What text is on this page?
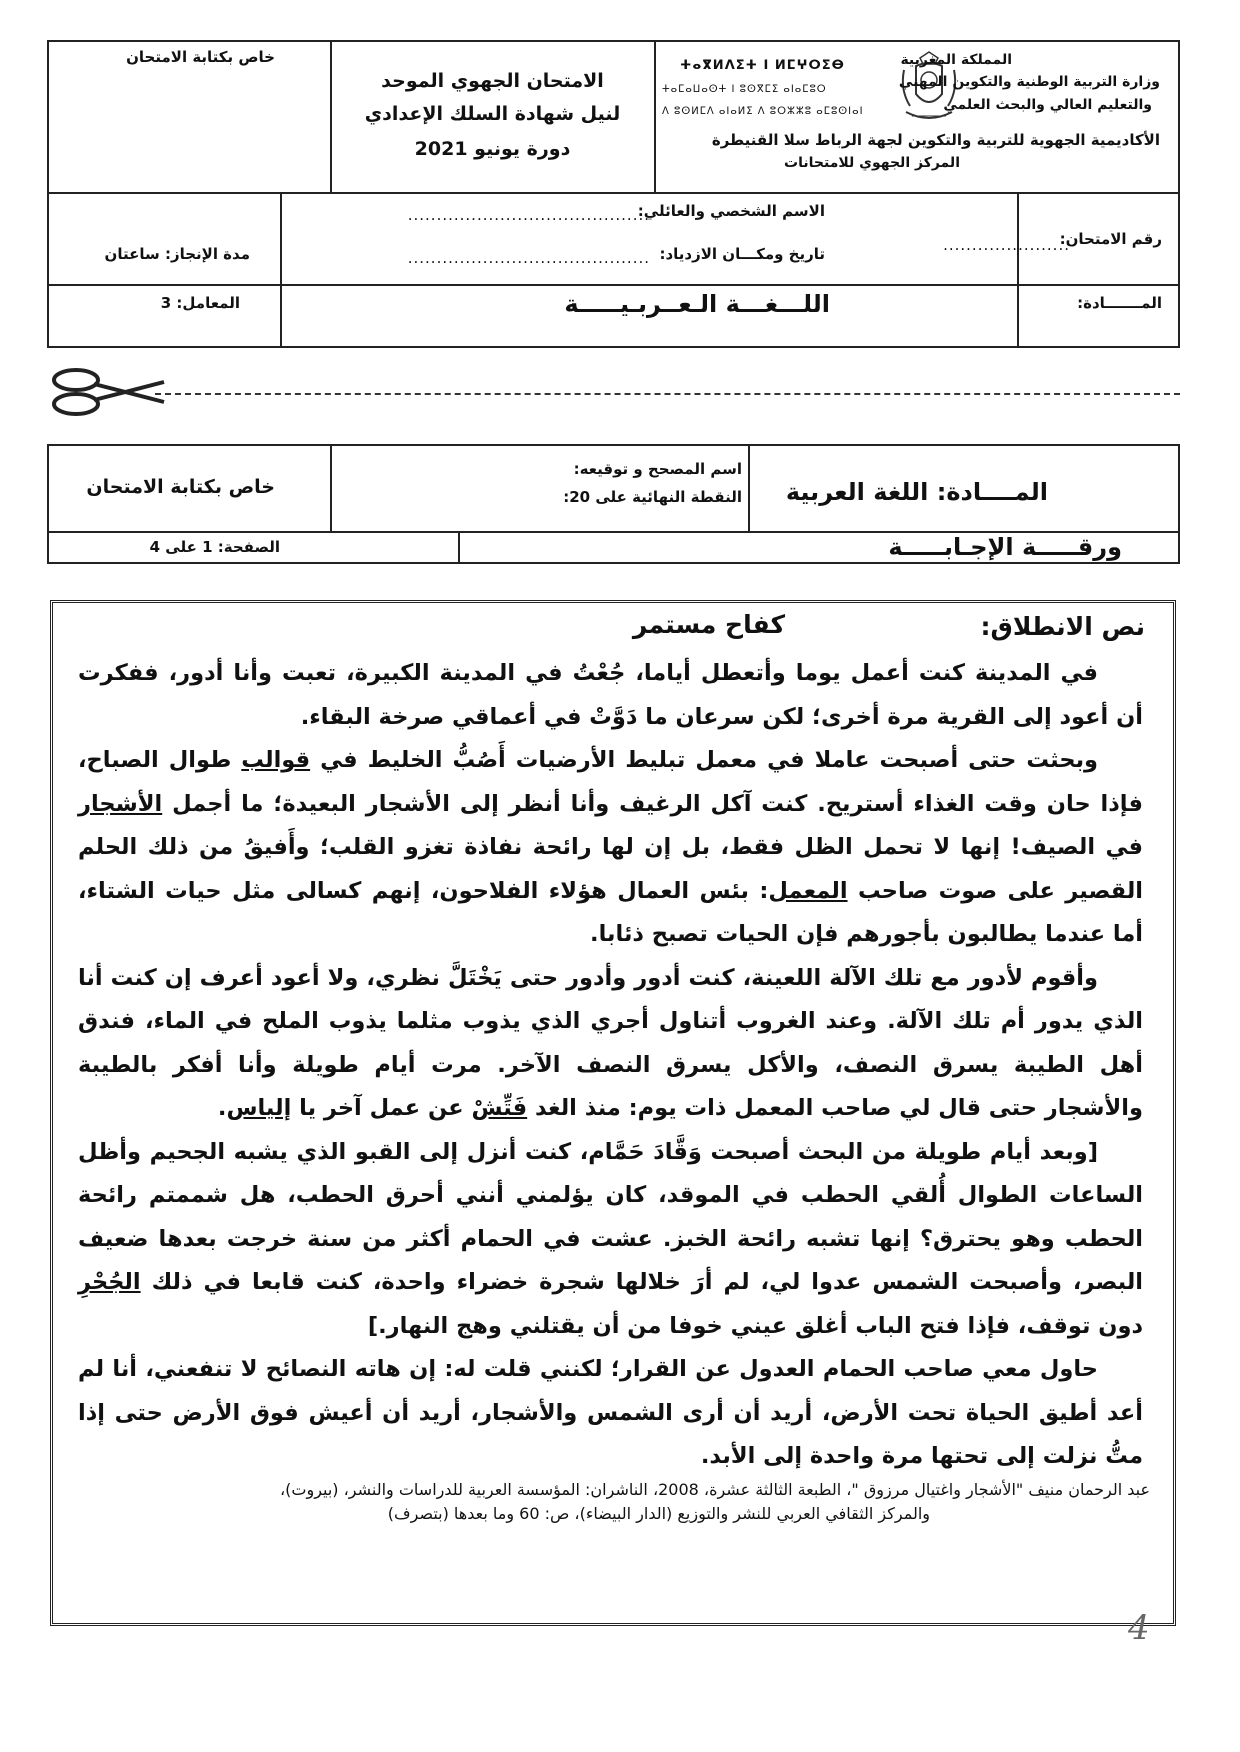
خاص بكتابة الامتحان
الامتحان الجهوي الموحد
لنيل شهادة السلك الإعدادي
دورة يونيو 2021
ⵜⴰⴳⵍⴷⵉⵜ ⵏ ⵍⵎⵖⵔⵉⴱ
ⵜⴰⵎⴰⵡⴰⵙⵜ ⵏ ⵓⵙⴳⵎⵉ ⴰⵏⴰⵎⵓⵔ
ⴷ ⵓⵙⵍⵎⴷ ⴰⵏⴰⵍⵉ ⴷ ⵓⵔⵣⵣⵓ ⴰⵎⵓⵙⵏⴰⵏ
المملكة المغربية
وزارة التربية الوطنية والتكوين المهني
والتعليم العالي والبحث العلمي
الأكاديمية الجهوية للتربية والتكوين لجهة الرباط سلا القنيطرة
المركز الجهوي للامتحانات
رقم الامتحان:
......................
الاسم الشخصي والعائلي:
..........................................
تاريخ ومكـــان الازدياد:
..........................................
مدة الإنجاز: ساعتان
المـــــــادة:
اللـــغـــة الـعــربـيـــــة
المعامل: 3
خاص بكتابة الامتحان
اسم المصحح و توقيعه:
النقطة النهائية على 20: المــــادة: اللغة العربية
الصفحة: 1 على 4	ورقـــــة الإجـابـــــة
نص الانطلاق:
كفاح مستمر

  في المدينة كنت أعمل يوما وأتعطل أياما، جُعْتُ في المدينة الكبيرة، تعبت وأنا أدور، ففكرت أن أعود إلى القرية مرة أخرى؛ لكن سرعان ما دَوَّتْ في أعماقي صرخة البقاء.

  وبحثت حتى أصبحت عاملا في معمل تبليط الأرضيات أَصُبُّ الخليط في قوالب طوال الصباح، فإذا حان وقت الغذاء أستريح. كنت آكل الرغيف وأنا أنظر إلى الأشجار البعيدة؛ ما أجمل الأشجار في الصيف! إنها لا تحمل الظل فقط، بل إن لها رائحة نفاذة تغزو القلب؛ وأَفيقُ من ذلك الحلم القصير على صوت صاحب المعمل: بئس العمال هؤلاء الفلاحون، إنهم كسالى مثل حيات الشتاء، أما عندما يطالبون بأجورهم فإن الحيات تصبح ذئابا.

  وأقوم لأدور مع تلك الآلة اللعينة، كنت أدور وأدور حتى يَخْتَلَّ نظري، ولا أعود أعرف إن كنت أنا الذي يدور أم تلك الآلة. وعند الغروب أتناول أجري الذي يذوب مثلما يذوب الملح في الماء، فندق أهل الطيبة يسرق النصف، والأكل يسرق النصف الآخر. مرت أيام طويلة وأنا أفكر بالطيبة والأشجار حتى قال لي صاحب المعمل ذات يوم: منذ الغد فَتِّشْ عن عمل آخر يا إلياس.

  [وبعد أيام طويلة من البحث أصبحت وَقَّادَ حَمَّام، كنت أنزل إلى القبو الذي يشبه الجحيم وأظل الساعات الطوال أُلقي الحطب في الموقد، كان يؤلمني أنني أحرق الحطب، هل شممتم رائحة الحطب وهو يحترق؟ إنها تشبه رائحة الخبز. عشت في الحمام أكثر من سنة خرجت بعدها ضعيف البصر، وأصبحت الشمس عدوا لي، لم أرَ خلالها شجرة خضراء واحدة، كنت قابعا في ذلك الجُحْرِ دون توقف، فإذا فتح الباب أغلق عيني خوفا من أن يقتلني وهج النهار.]

  حاول معي صاحب الحمام العدول عن القرار؛ لكنني قلت له: إن هاته النصائح لا تنفعني، أنا لم أعد أطيق الحياة تحت الأرض، أريد أن أرى الشمس والأشجار، أريد أن أعيش فوق الأرض حتى إذا متُّ نزلت إلى تحتها مرة واحدة إلى الأبد.

عبد الرحمان منيف "الأشجار واغتيال مرزوق "، الطبعة الثالثة عشرة، 2008، الناشران: المؤسسة العربية للدراسات والنشر، (بيروت)،
والمركز الثقافي العربي للنشر والتوزيع (الدار البيضاء)، ص: 60 وما بعدها (بتصرف)
4
